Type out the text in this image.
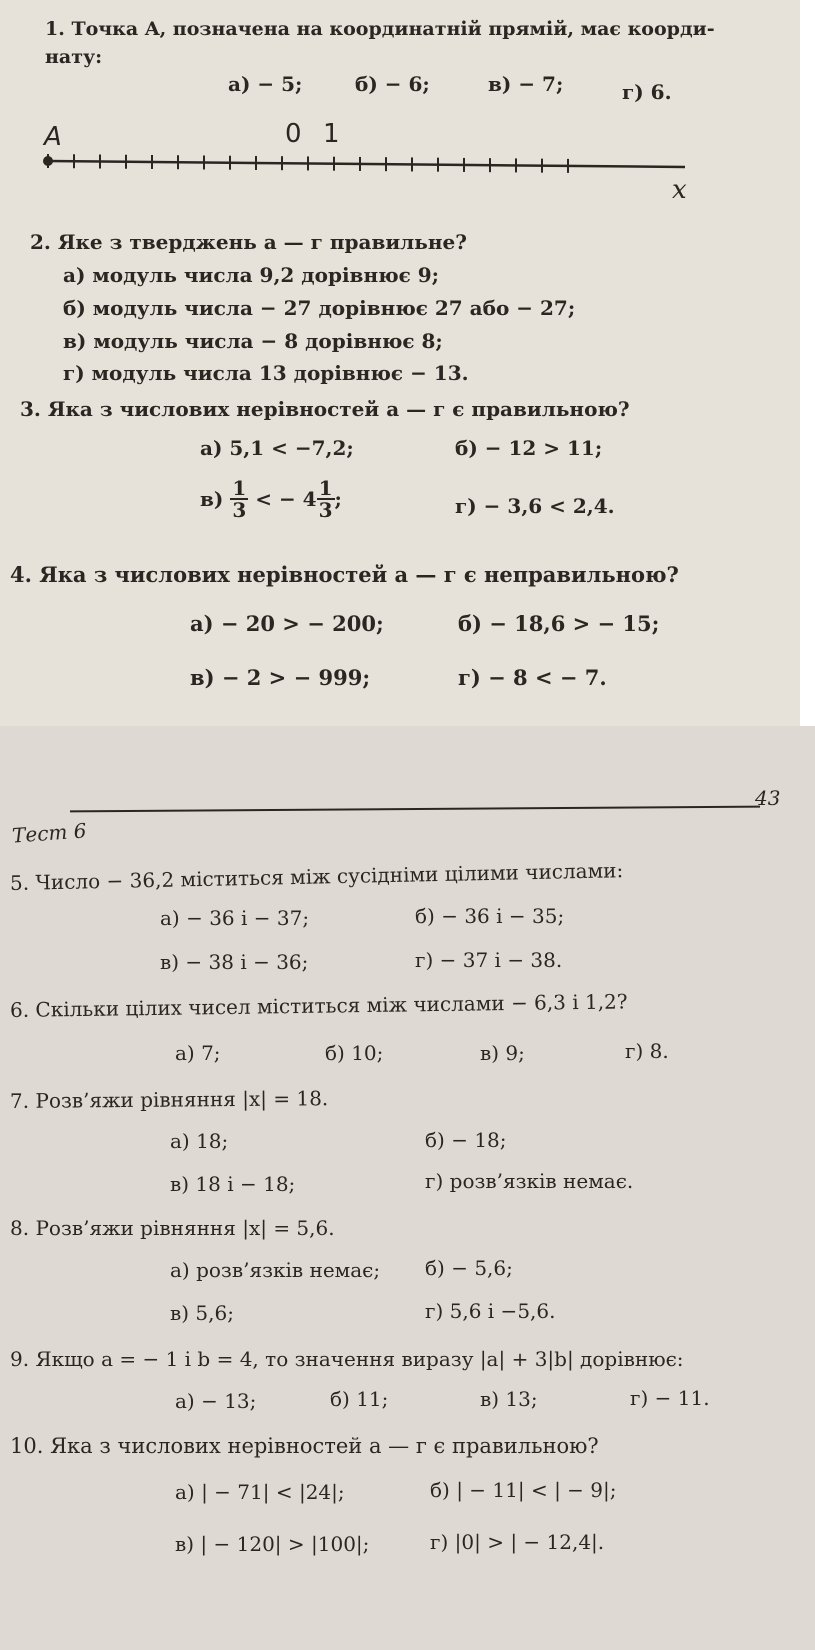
1. Точка A, позначена на координатній прямій, має коорди-
нату:
а) − 5;	б) − 6;	в) − 7;	г) 6.
A	0 1
x
2. Яке з тверджень а — г правильне?
а) модуль числа 9,2 дорівнює 9;
б) модуль числа − 27 дорівнює 27 або − 27;
в) модуль числа − 8 дорівнює 8;
г) модуль числа 13 дорівнює − 13.
3. Яка з числових нерівностей а — г є правильною?
а) 5,1 < −7,2;	б) − 12 > 11;
$в) \frac{1}{3}$ < − $4 \frac{1}{3}$ ;	г) − 3,6 < 2,4.
4. Яка з числових нерівностей а — г є неправильною?
а) − 20 > − 200;	б) − 18,6 > − 15;
в) − 2 > − 999;	г) − 8 < − 7.
43
Тест 6
5. Число − 36,2 міститься між сусідніми цілими числами:
а) − 36 і − 37;	б) − 36 і − 35;
в) − 38 і − 36;	г) − 37 і − 38.
6. Скільки цілих чисел міститься між числами − 6,3 і 1,2?
а) 7;	б) 10;	в) 9;	г) 8.
7. Розв’яжи рівняння |x| = 18.
а) 18;	б) − 18;
в) 18 і − 18;	г) розв’язків немає.
8. Розв’яжи рівняння |x| = 5,6.
а) розв’язків немає; б) − 5,6;
в) 5,6;	г) 5,6 і −5,6.
9. Якщо a = − 1 і b = 4, то значення виразу |a| + 3|b| дорівнює:
а) − 13;	б) 11;	в) 13;	г) − 11.
10. Яка з числових нерівностей а — г є правильною?
а) | − 71| < |24|;	б) | − 11| < | − 9|;
в) | − 120| > |100|;	г) |0| > | − 12,4|.
